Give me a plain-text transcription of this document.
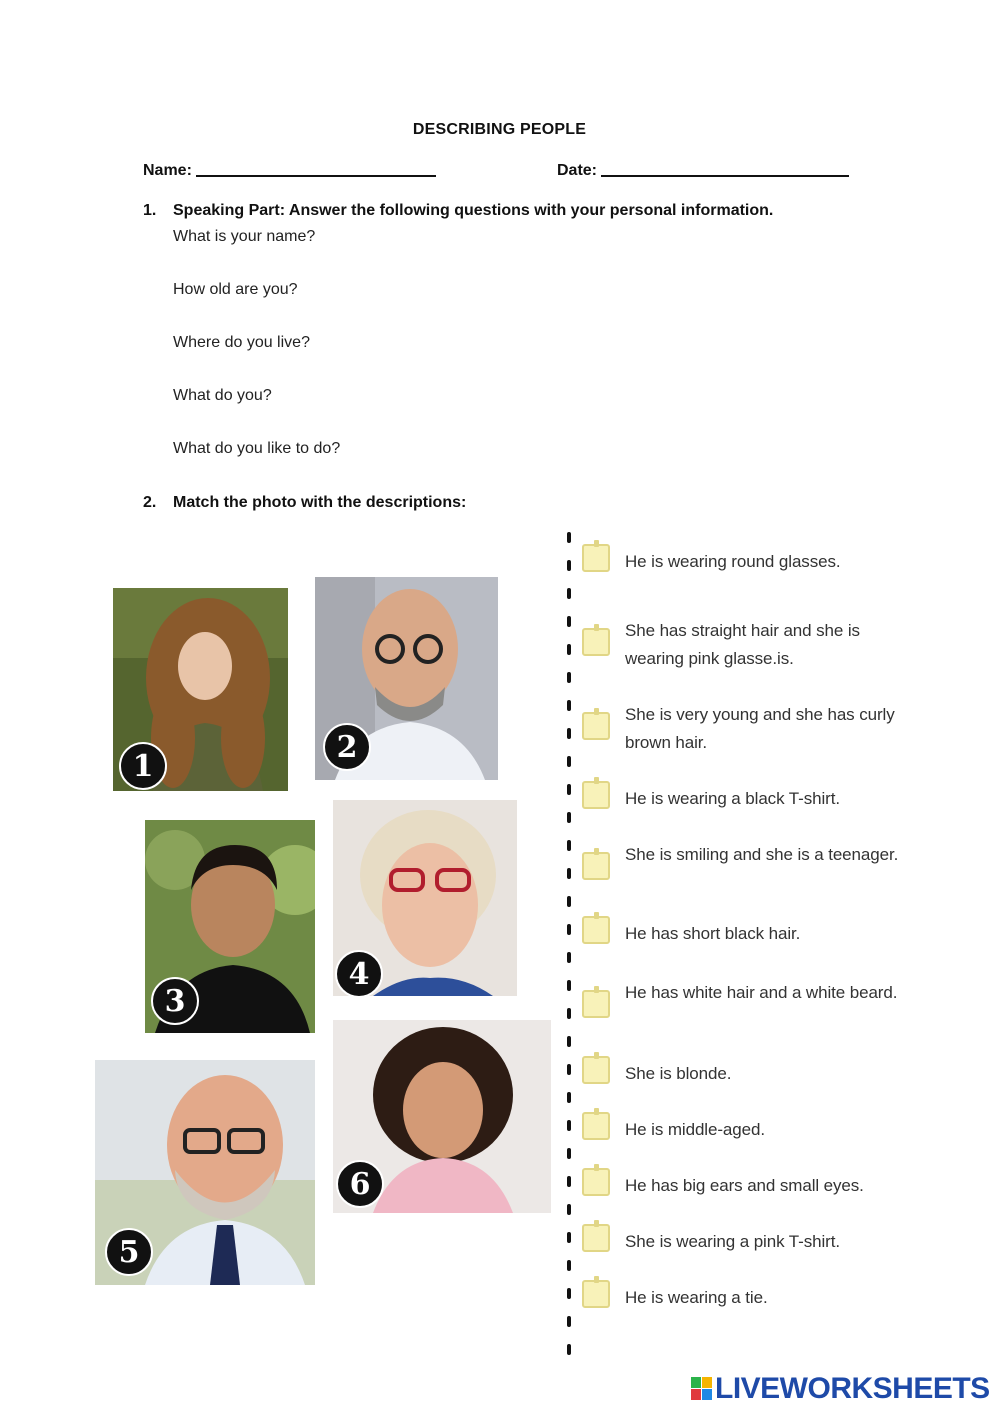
DESCRIBING PEOPLE
Name:	Date:
1. Speaking Part: Answer the following questions with your personal information.
What is your name?
How old are you?
Where do you live?
What do you?
What do you like to do?
2. Match the photo with the descriptions:
1
2
3
4
5
6
He is wearing round glasses.
She has straight hair and she is wearing pink glasse.is.
She is very young and she has curly brown hair.
He is wearing a black T-shirt.
She is smiling and she is a teenager.
He has short black hair.
He has white hair and a white beard.
She is blonde.
He is middle-aged.
He has big ears and small eyes.
She is wearing a pink T-shirt.
He is wearing a tie.
LIVEWORKSHEETS
